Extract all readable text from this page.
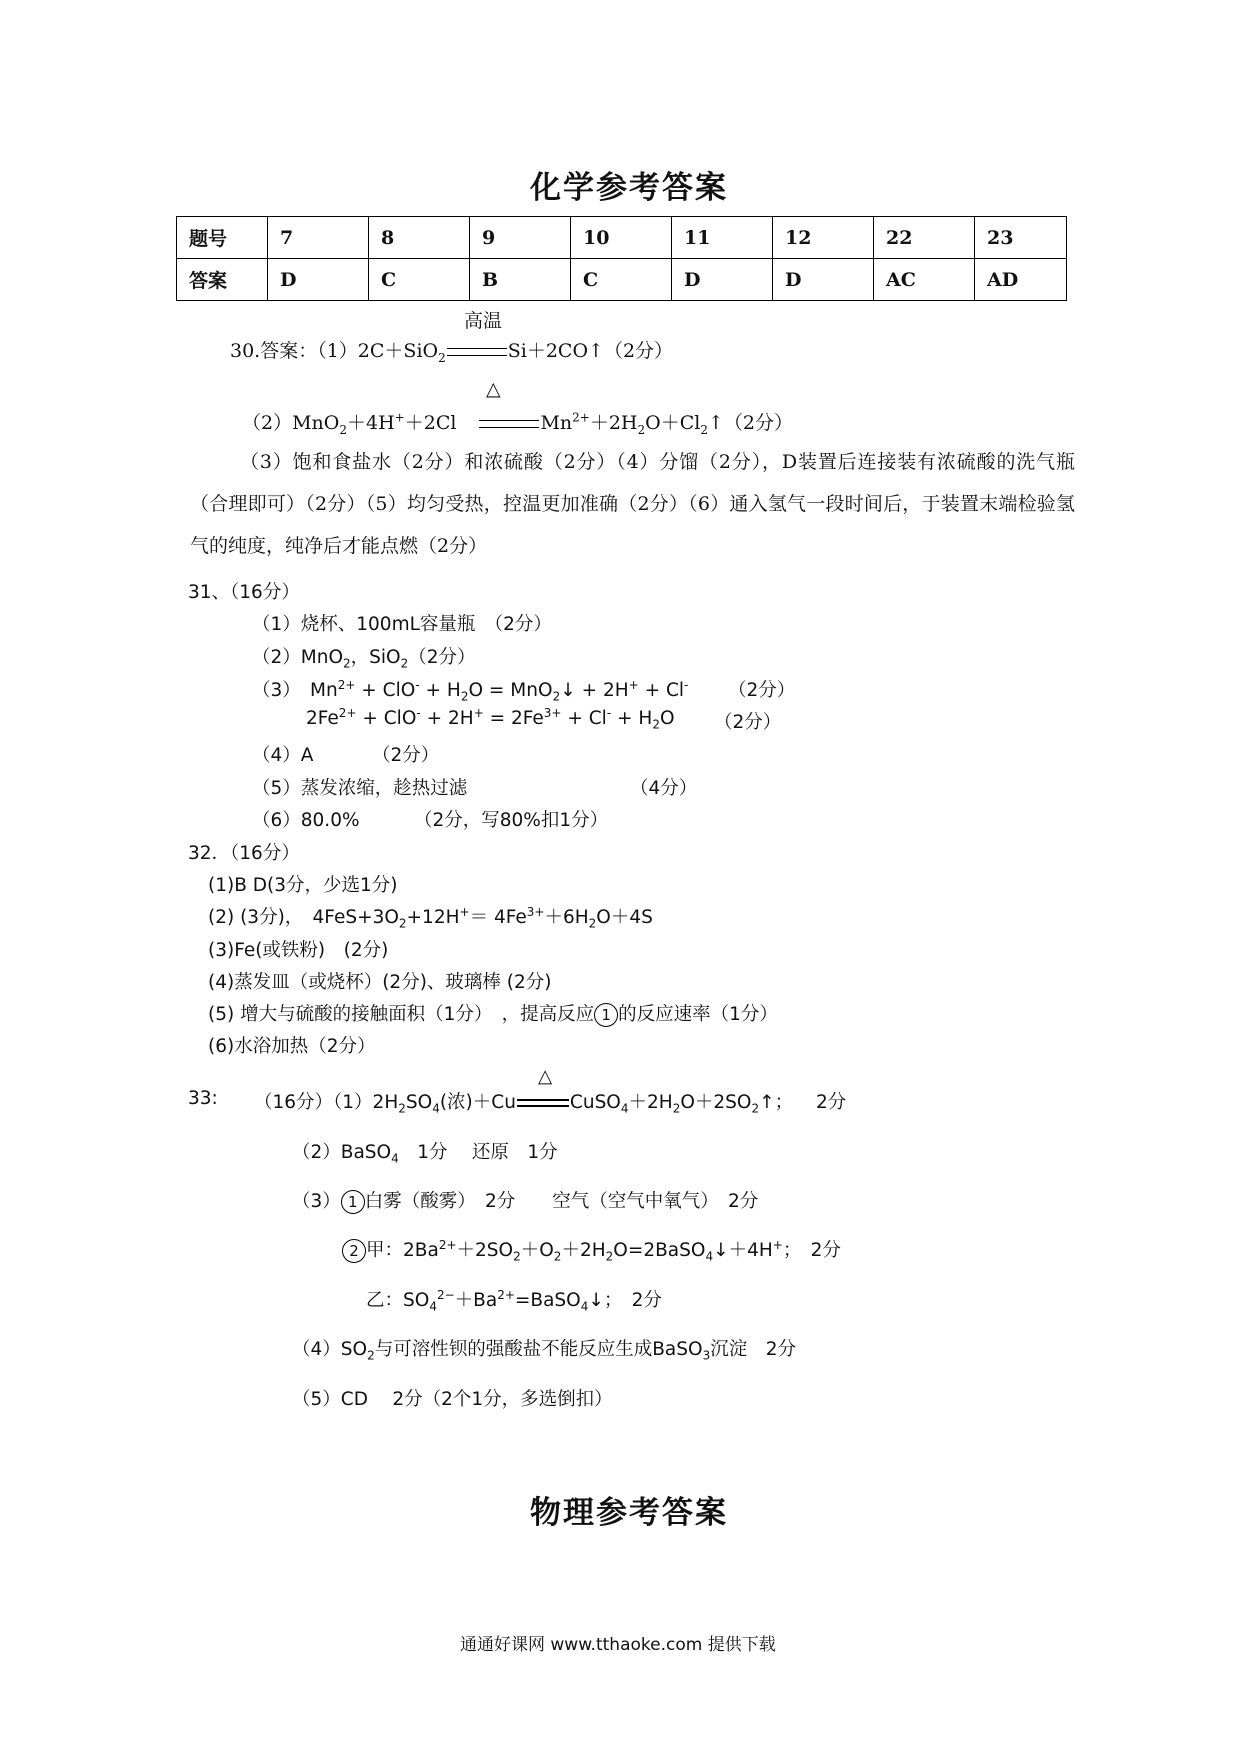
化学参考答案
题号	7	8	9	10	11	12	22	23
答案	D	C	B	C	D	D	AC	AD
高温
30.答案：（1）2C＋SiO$_2$	Si＋2CO↑（2分）
△
（2）MnO$_2$＋4H+＋2Cl	$Mn^{2+}+2H_2O+Cl_2↑(2$分）
（3）饱和食盐水（2分）和浓硫酸（2分）（4）分馏（2分），D装置后连接装有浓硫酸的洗气瓶（合理即可）（2分）（5）均匀受热，控温更加准确（2分）（6）通入氢气一段时间后，于装置末端检验氢气的纯度，纯净后才能点燃（2分）
31、（16分）
（1）烧杯、100mL容量瓶　（2分）
（2）MnO$_2$，SiO$_2$（2分）
（3）　$Mn^{2+} + ClO^- + H_2O$ = MnO$_2$↓ + 2H+ + Cl- （2分）
$2Fe^{2+} + ClO^- + 2H^+ = 2Fe^{3+} + Cl^- + H_2O$ （2分）
（4）A	（2分）
（5）蒸发浓缩，趁热过滤	（4分）
（6）80.0%	（2分，写80%扣1分）
32．（16分）
(1)B D(3分，少选1分)
(2) (3分)，　$4FeS+3O_2+12H^+= 4Fe^{3+}+6H_2O+4S$
(3)Fe(或铁粉)　(2分)
(4)蒸发皿（或烧杯）(2分)、玻璃棒 (2分)
(5) 增大与硫酸的接触面积（1分）　，提高反应 1 的反应速率（1分）
(6)水浴加热（2分）
△
33: （16分）$(1)2H_2SO_4$(浓)＋Cu	$CuSO_4+2H_2O+2SO_2↑$； 2分
（2）BaSO$_4$　1分　 还原　1分
（3） 1 白雾（酸雾）　2分　　空气（空气中氧气）　2分
2 甲：$2Ba^{2+}+2SO_2+O_2+2H_2O=2BaSO_4↓+4H^+$；　2分
乙：$SO_4^{2-}+Ba^{2+}=BaSO_4↓$；　2分
$(4)SO_2$与可溶性钡的强酸盐不能反应生成BaSO$_3$沉淀　2分
（5）CD　 2分（2个1分，多选倒扣）
物理参考答案
通通好课网 www.tthaoke.com 提供下载
